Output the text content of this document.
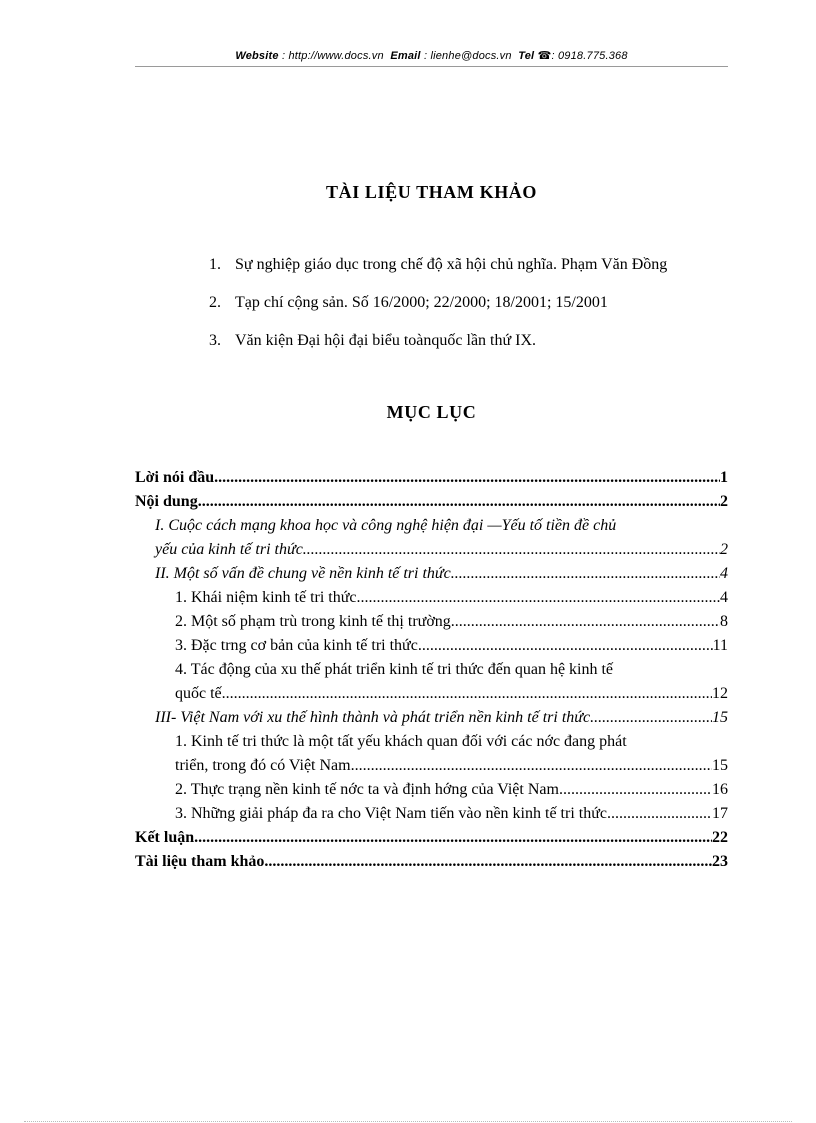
Website : http://www.docs.vn Email : lienhe@docs.vn Tel ☎: 0918.775.368
TÀI LIỆU THAM KHẢO
1. Sự nghiệp giáo dục trong chế độ xã hội chủ nghĩa. Phạm Văn Đồng
2. Tạp chí cộng sản. Số 16/2000; 22/2000; 18/2001; 15/2001
3. Văn kiện Đại hội đại biểu toànquốc lần thứ IX.
MỤC LỤC
Lời nói đầu .....	1
Nội dung .....	2
I. Cuộc cách mạng khoa học và công nghệ hiện đại —Yếu tố tiền đề chủ
yếu của kinh tế tri thức .....	2
II. Một số vấn đề chung về nền kinh tế tri thức .....	4
1. Khái niệm kinh tế tri thức .....	4
2. Một số phạm trù trong kinh tế thị trường .....	8
3. Đặc trng cơ bản của kinh tế tri thức .....	11
4. Tác động của xu thế phát triển kinh tế tri thức đến quan hệ kinh tế
quốc tế .....	12
III- Việt Nam với xu thế hình thành và phát triển nền kinh tế tri thức .....	15
1. Kinh tế tri thức là một tất yếu khách quan đối với các nớc đang phát
triển, trong đó có Việt Nam .....	15
2. Thực trạng nền kinh tế nớc ta và định hớng của Việt Nam .....	16
3. Những giải pháp đa ra cho Việt Nam tiến vào nền kinh tế tri thức .....	17
Kết luận .....	22
Tài liệu tham khảo .....	23
